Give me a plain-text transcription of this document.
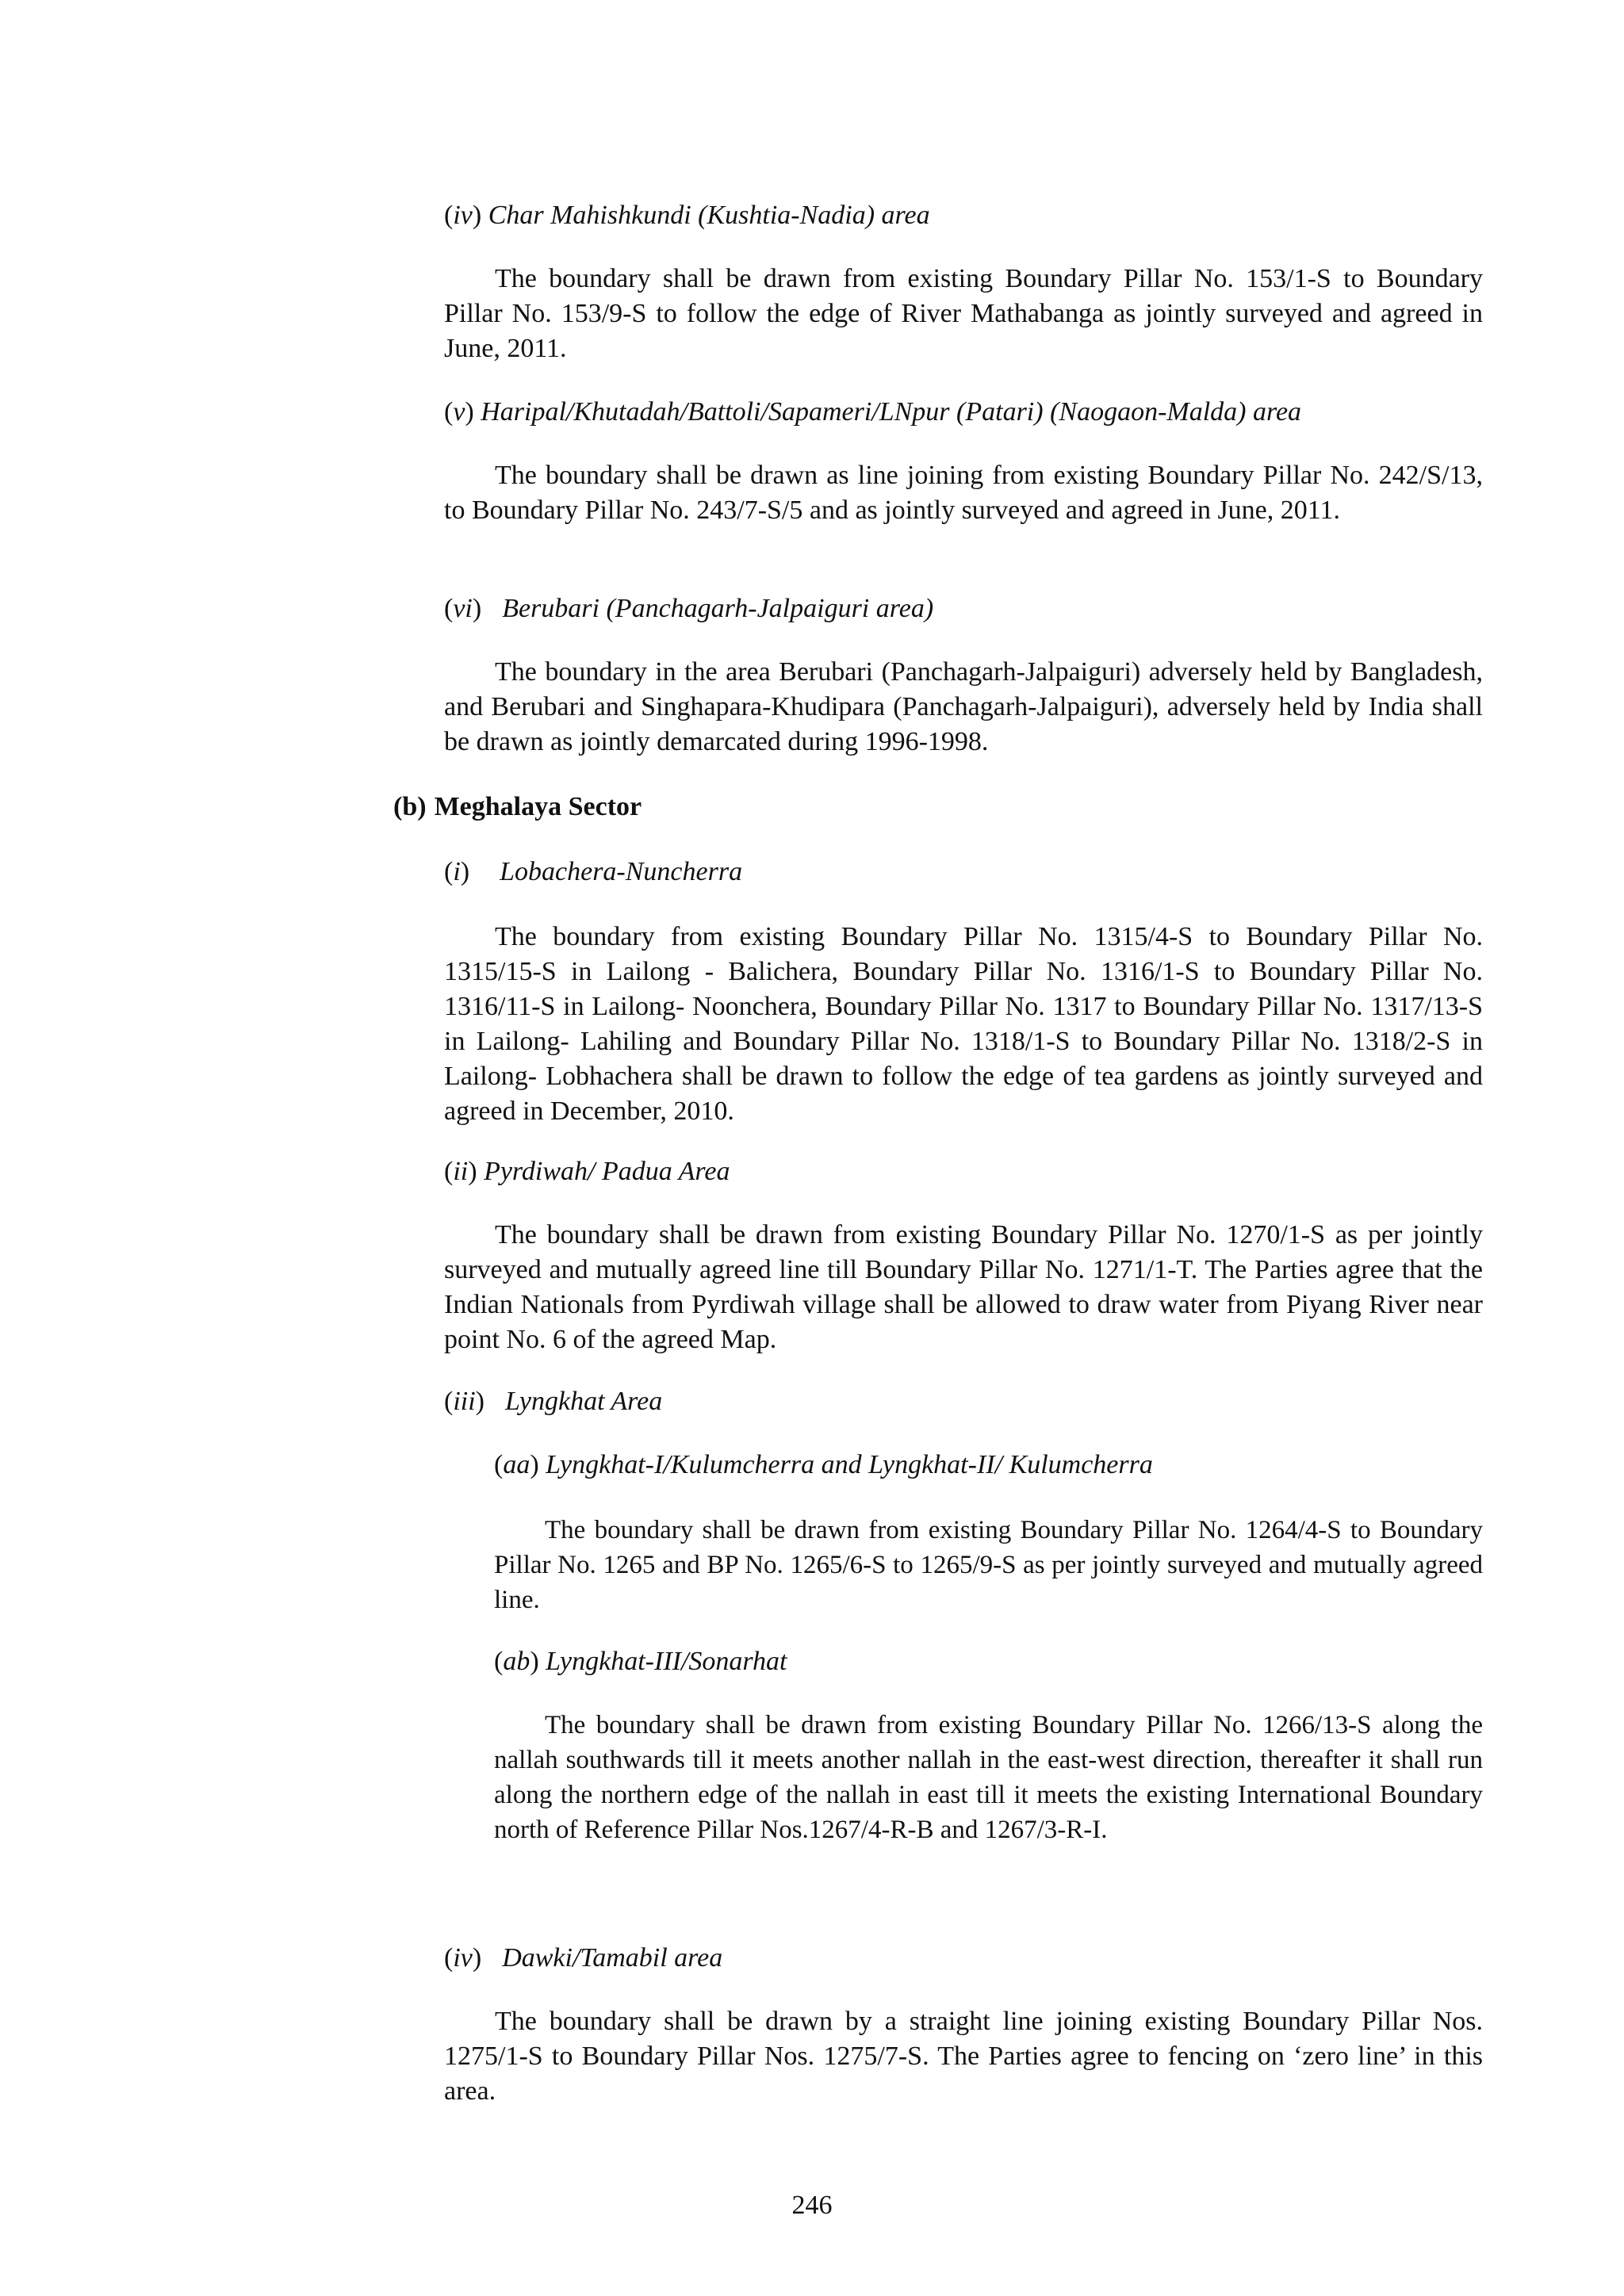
(iv) Char Mahishkundi (Kushtia-Nadia) area

The boundary shall be drawn from existing Boundary Pillar No. 153/1-S to Boundary Pillar No. 153/9-S to follow the edge of River Mathabanga as jointly surveyed and agreed in June, 2011.

(v) Haripal/Khutadah/Battoli/Sapameri/LNpur (Patari) (Naogaon-Malda) area

The boundary shall be drawn as line joining from existing Boundary Pillar No. 242/S/13, to Boundary Pillar No. 243/7-S/5 and as jointly surveyed and agreed in June, 2011.

(vi) Berubari (Panchagarh-Jalpaiguri area)

The boundary in the area Berubari (Panchagarh-Jalpaiguri) adversely held by Bangladesh, and Berubari and Singhapara-Khudipara (Panchagarh-Jalpaiguri), adversely held by India shall be drawn as jointly demarcated during 1996-1998.

(b) Meghalaya Sector
(i) Lobachera-Nuncherra

The boundary from existing Boundary Pillar No. 1315/4-S to Boundary Pillar No. 1315/15-S in Lailong - Balichera, Boundary Pillar No. 1316/1-S to Boundary Pillar No. 1316/11-S in Lailong- Noonchera, Boundary Pillar No. 1317 to Boundary Pillar No. 1317/13-S in Lailong- Lahiling and Boundary Pillar No. 1318/1-S to Boundary Pillar No. 1318/2-S in Lailong- Lobhachera shall be drawn to follow the edge of tea gardens as jointly surveyed and agreed in December, 2010.

(ii) Pyrdiwah/ Padua Area

The boundary shall be drawn from existing Boundary Pillar No. 1270/1-S as per jointly surveyed and mutually agreed line till Boundary Pillar No. 1271/1-T. The Parties agree that the Indian Nationals from Pyrdiwah village shall be allowed to draw water from Piyang River near point No. 6 of the agreed Map.

(iii) Lyngkhat Area
(aa) Lyngkhat-I/Kulumcherra and Lyngkhat-II/ Kulumcherra

The boundary shall be drawn from existing Boundary Pillar No. 1264/4-S to Boundary Pillar No. 1265 and BP No. 1265/6-S to 1265/9-S as per jointly surveyed and mutually agreed line.

(ab) Lyngkhat-III/Sonarhat

The boundary shall be drawn from existing Boundary Pillar No. 1266/13-S along the nallah southwards till it meets another nallah in the east-west direction, thereafter it shall run along the northern edge of the nallah in east till it meets the existing International Boundary north of Reference Pillar Nos.1267/4-R-B and 1267/3-R-I.

(iv) Dawki/Tamabil area

The boundary shall be drawn by a straight line joining existing Boundary Pillar Nos. 1275/1-S to Boundary Pillar Nos. 1275/7-S. The Parties agree to fencing on ‘zero line’ in this area.

246
